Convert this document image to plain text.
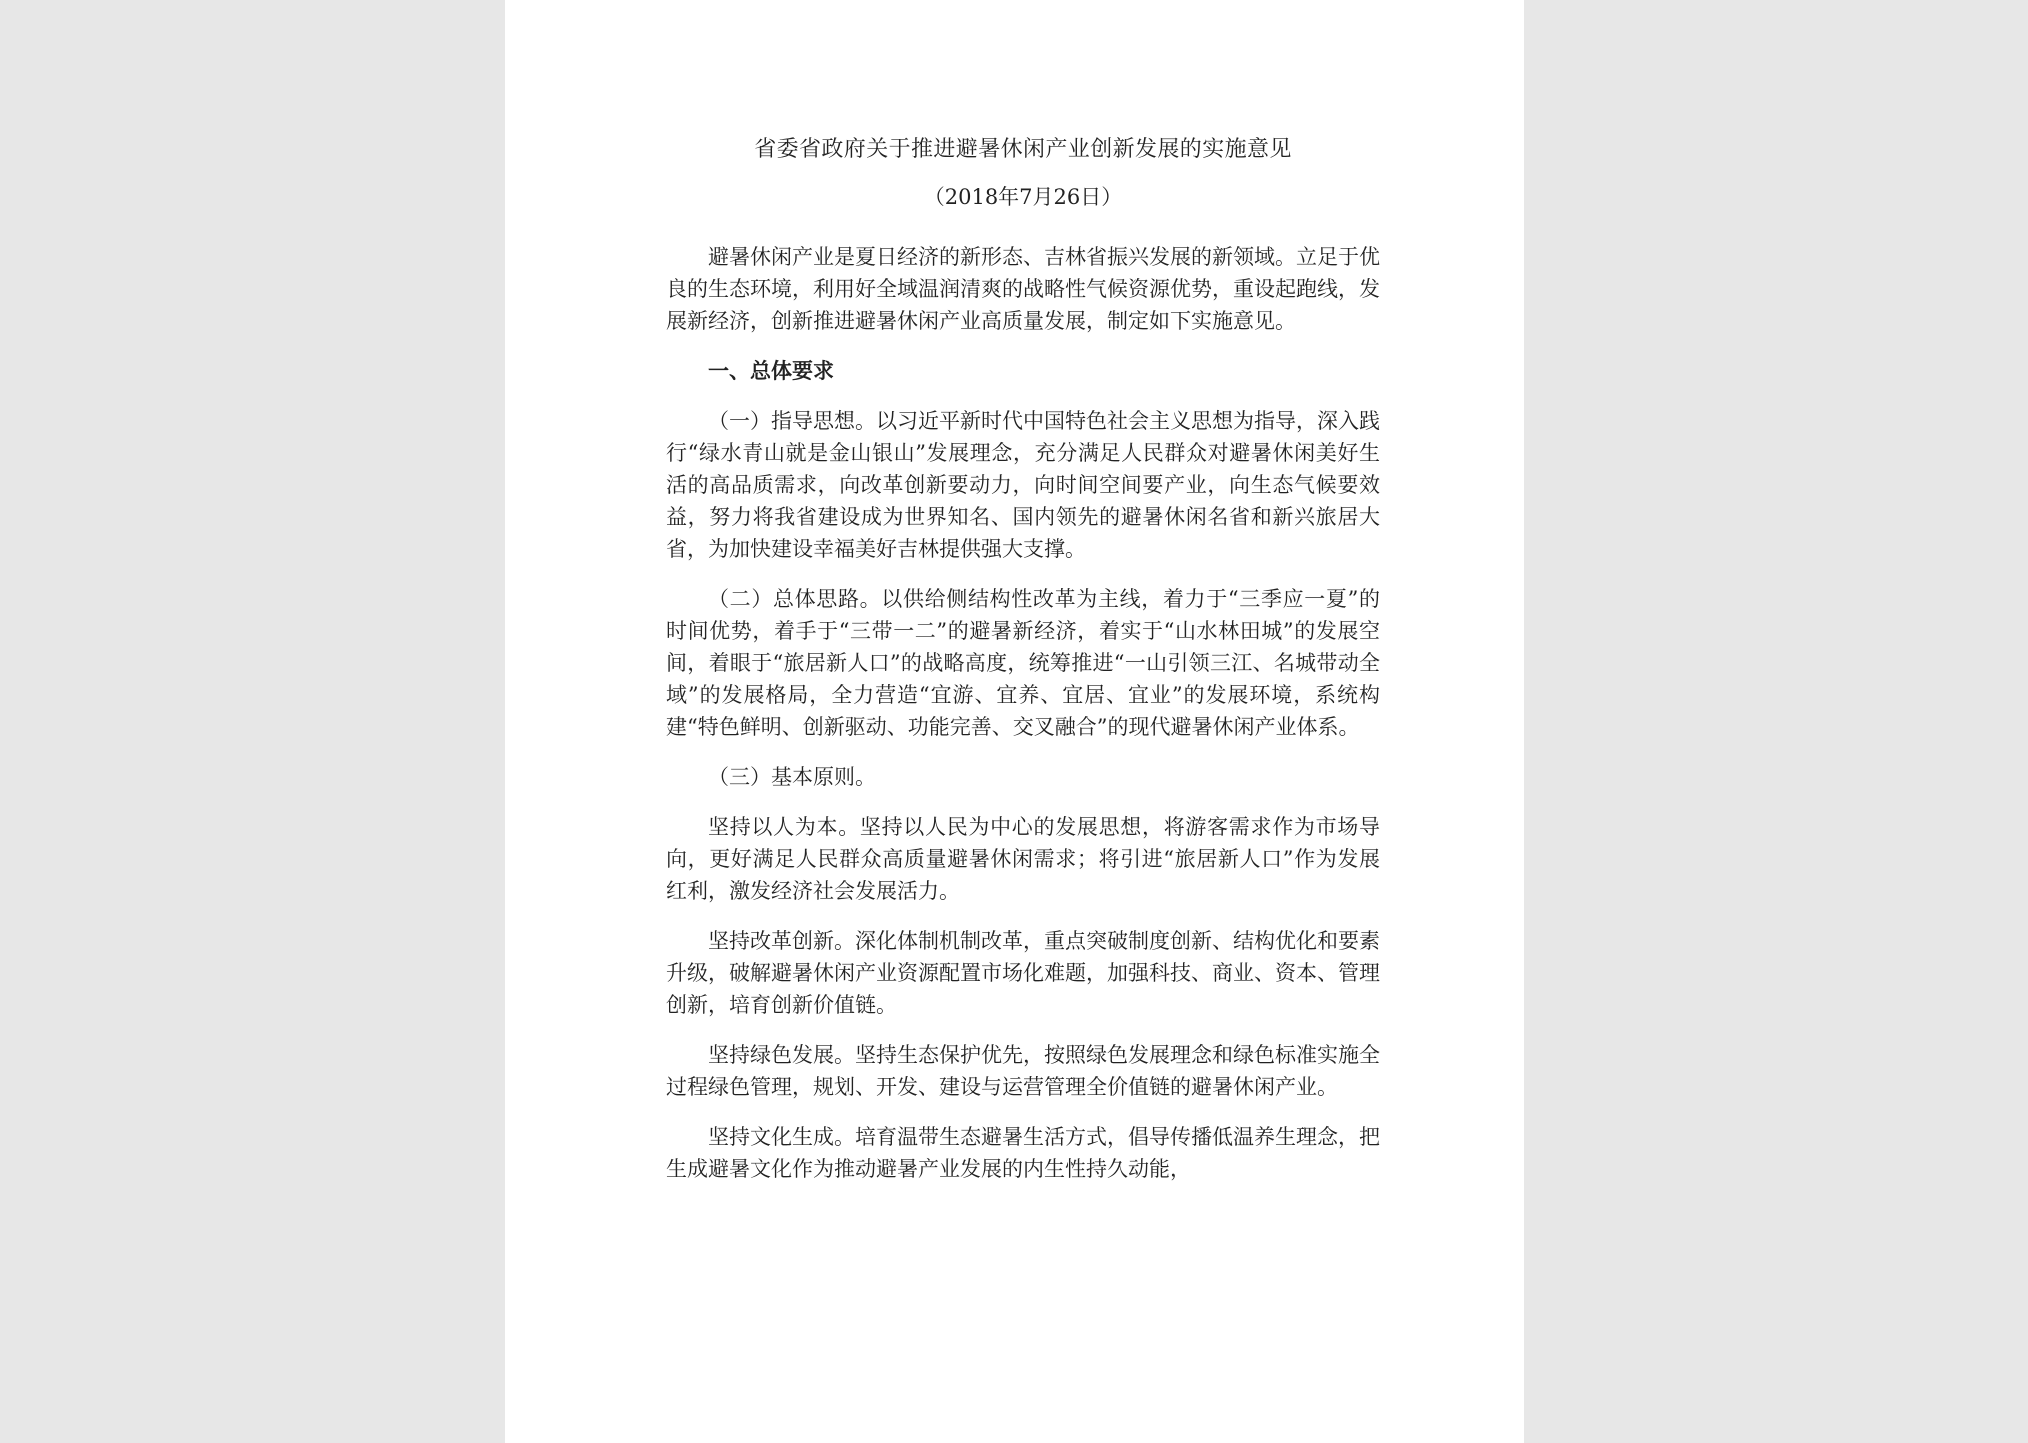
省委省政府关于推进避暑休闲产业创新发展的实施意见
（2018年7月26日）

避暑休闲产业是夏日经济的新形态、吉林省振兴发展的新领域。立足于优良的生态环境，利用好全域温润清爽的战略性气候资源优势，重设起跑线，发展新经济，创新推进避暑休闲产业高质量发展，制定如下实施意见。

一、总体要求

（一）指导思想。以习近平新时代中国特色社会主义思想为指导，深入践行“绿水青山就是金山银山”发展理念，充分满足人民群众对避暑休闲美好生活的高品质需求，向改革创新要动力，向时间空间要产业，向生态气候要效益，努力将我省建设成为世界知名、国内领先的避暑休闲名省和新兴旅居大省，为加快建设幸福美好吉林提供强大支撑。

（二）总体思路。以供给侧结构性改革为主线，着力于“三季应一夏”的时间优势，着手于“三带一二”的避暑新经济，着实于“山水林田城”的发展空间，着眼于“旅居新人口”的战略高度，统筹推进“一山引领三江、名城带动全域”的发展格局，全力营造“宜游、宜养、宜居、宜业”的发展环境，系统构建“特色鲜明、创新驱动、功能完善、交叉融合”的现代避暑休闲产业体系。

（三）基本原则。

坚持以人为本。坚持以人民为中心的发展思想，将游客需求作为市场导向，更好满足人民群众高质量避暑休闲需求；将引进“旅居新人口”作为发展红利，激发经济社会发展活力。

坚持改革创新。深化体制机制改革，重点突破制度创新、结构优化和要素升级，破解避暑休闲产业资源配置市场化难题，加强科技、商业、资本、管理创新，培育创新价值链。

坚持绿色发展。坚持生态保护优先，按照绿色发展理念和绿色标准实施全过程绿色管理，规划、开发、建设与运营管理全价值链的避暑休闲产业。

坚持文化生成。培育温带生态避暑生活方式，倡导传播低温养生理念，把生成避暑文化作为推动避暑产业发展的内生性持久动能，
